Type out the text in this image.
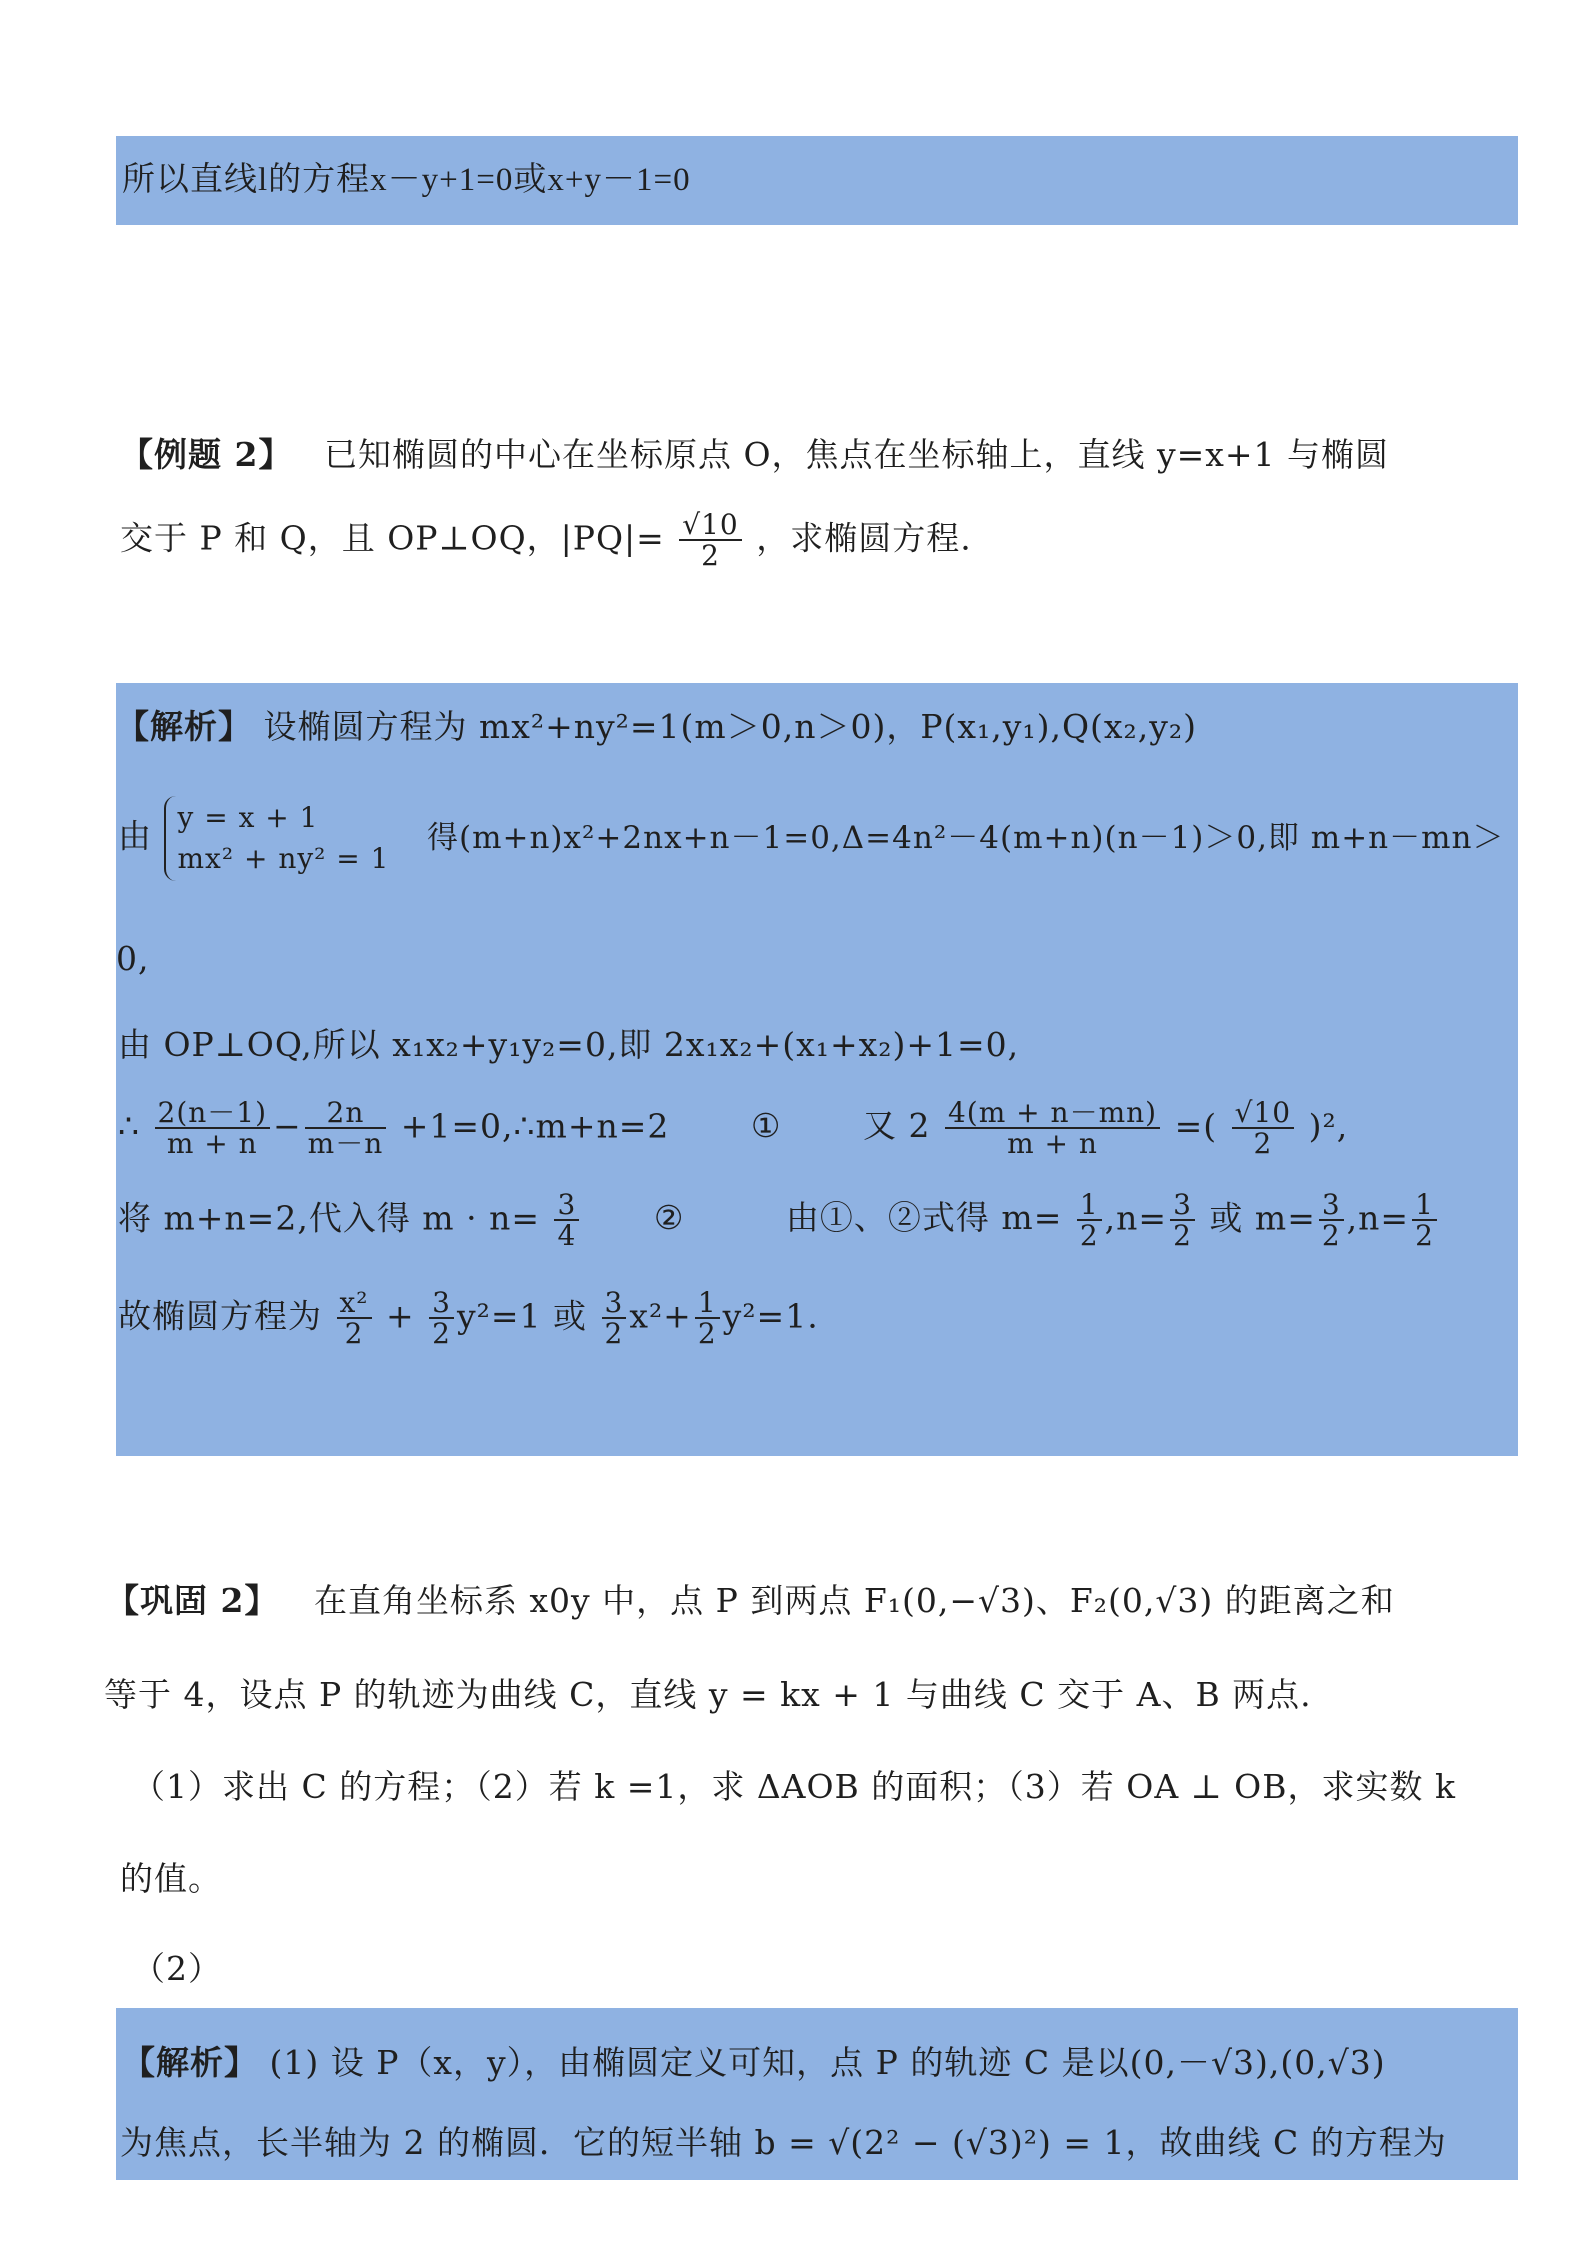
所以直线l的方程x－y+1=0或x+y－1=0
【例题 2】 已知椭圆的中心在坐标原点 O，焦点在坐标轴上，直线 y=x+1 与椭圆
交于 P 和 Q，且 OP⊥OQ，$|PQ|= \frac{√10}{2}$ ，求椭圆方程.
【解析】 设椭圆方程为 mx²+ny²=1(m＞0,n＞0)，P(x₁,y₁),Q(x₂,y₂)
由 y = x + 1
mx² + ny² = 1
得(m+n)x²+2nx+n－1=0,Δ=4n²－4(m+n)(n－1)＞0,即 m+n－mn＞
0,
由 OP⊥OQ,所以 x₁x₂+y₁y₂=0,即 2x₁x₂+(x₁+x₂)+1=0,
∴ $\frac{2(n-1)}{m + n} - \frac{2n}{m-n}$ +1=0,∴m+n=2 ① 又 $2 \frac{4(m + n-mn)}{m + n}$ =( $\frac{√10}{2} )^2$,
将 m+n=2,代入得 $m \cdot n= \frac{3}{4}$ ②	由①、②式得 $m= \frac{1}{2} ,n= \frac{3}{2}$ 或 $m= \frac{3}{2} ,n= \frac{1}{2}$
故椭圆方程为 $\frac{\text{x²}}{2} + \frac{3}{2} y^2=1$ 或 $\frac{3}{2} x^2+ \frac{1}{2} y^2=1$.
【巩固 2】 在直角坐标系 x0y 中，点 P 到两点 F₁(0,−√3)、F₂(0,√3) 的距离之和
等于 4，设点 P 的轨迹为曲线 C，直线 y = kx + 1 与曲线 C 交于 A、B 两点.
（1）求出 C 的方程；（2）若 k =1，求 ΔAOB 的面积；（3）若 OA ⊥ OB，求实数 k
的值。
（2）
【解析】 (1) 设 P（x，y），由椭圆定义可知，点 P 的轨迹 C 是以(0,－√3),(0,√3)
为焦点，长半轴为 2 的椭圆．它的短半轴 b = √(2² − (√3)²) = 1，故曲线 C 的方程为
